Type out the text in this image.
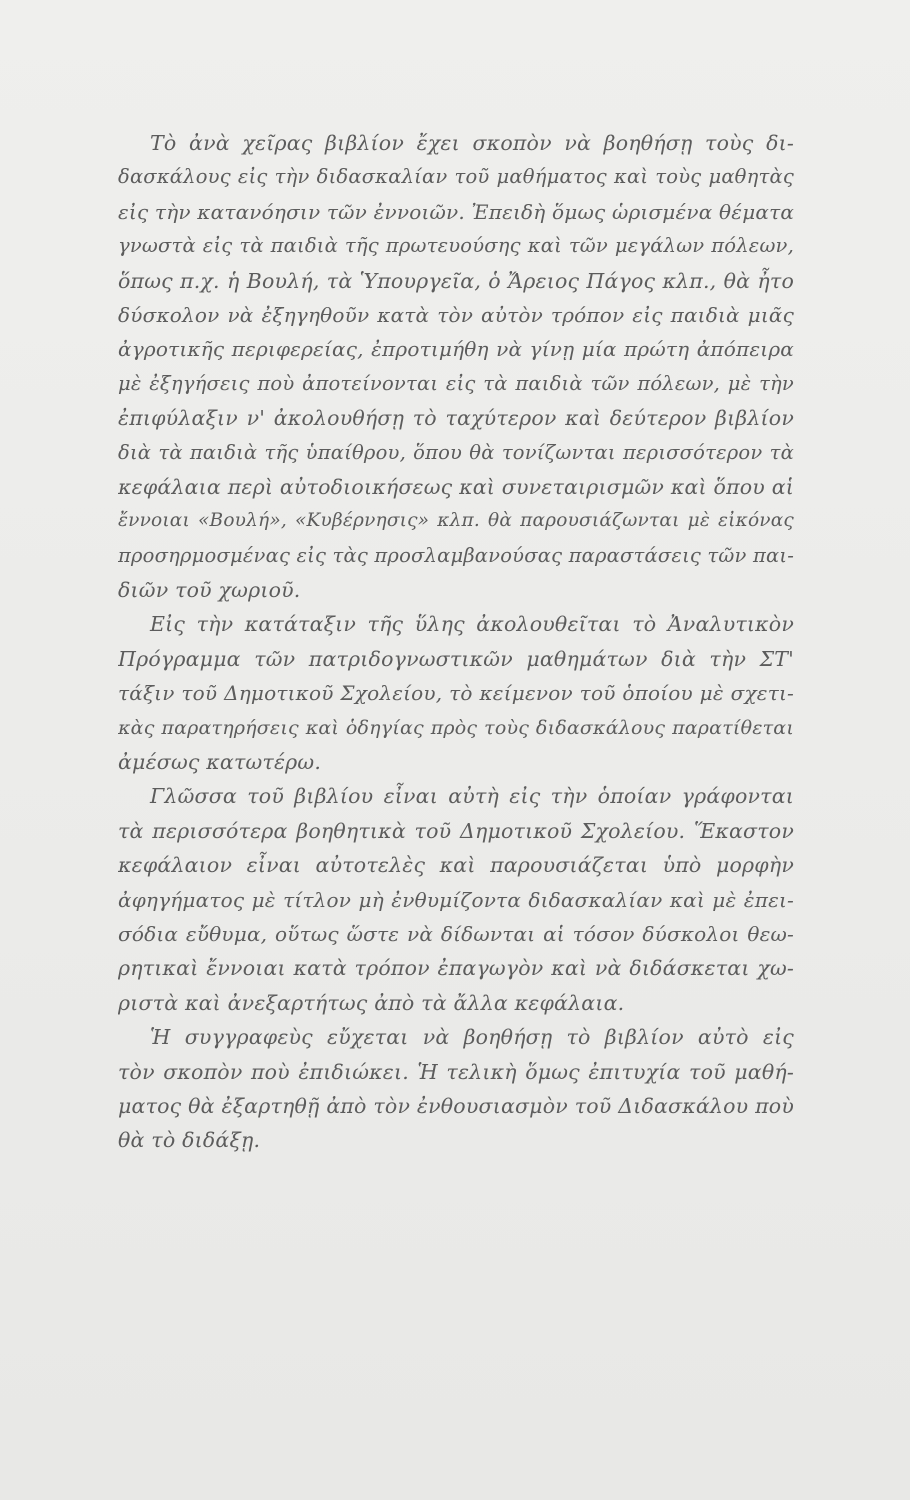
Τὸ ἀνὰ χεῖρας βιβλίον ἔχει σκοπὸν νὰ βοηθήσῃ τοὺς δι-
δασκάλους εἰς τὴν διδασκαλίαν τοῦ μαθήματος καὶ τοὺς μαθητὰς
εἰς τὴν κατανόησιν τῶν ἐννοιῶν. Ἐπειδὴ ὅμως ὡρισμένα θέματα
γνωστὰ εἰς τὰ παιδιὰ τῆς πρωτευούσης καὶ τῶν μεγάλων πόλεων,
ὅπως π.χ. ἡ Βουλή, τὰ Ὑπουργεῖα, ὁ Ἄρειος Πάγος κλπ., θὰ ἦτο
δύσκολον νὰ ἐξηγηθοῦν κατὰ τὸν αὐτὸν τρόπον εἰς παιδιὰ μιᾶς
ἀγροτικῆς περιφερείας, ἐπροτιμήθη νὰ γίνῃ μία πρώτη ἀπόπειρα
μὲ ἐξηγήσεις ποὺ ἀποτείνονται εἰς τὰ παιδιὰ τῶν πόλεων, μὲ τὴν
ἐπιφύλαξιν ν' ἀκολουθήσῃ τὸ ταχύτερον καὶ δεύτερον βιβλίον
διὰ τὰ παιδιὰ τῆς ὑπαίθρου, ὅπου θὰ τονίζωνται περισσότερον τὰ
κεφάλαια περὶ αὐτοδιοικήσεως καὶ συνεταιρισμῶν καὶ ὅπου αἱ
ἔννοιαι «Βουλή», «Κυβέρνησις» κλπ. θὰ παρουσιάζωνται μὲ εἰκόνας
προσηρμοσμένας εἰς τὰς προσλαμβανούσας παραστάσεις τῶν παι-
διῶν τοῦ χωριοῦ.
Εἰς τὴν κατάταξιν τῆς ὕλης ἀκολουθεῖται τὸ Ἀναλυτικὸν
Πρόγραμμα τῶν πατριδογνωστικῶν μαθημάτων διὰ τὴν ΣΤ'
τάξιν τοῦ Δημοτικοῦ Σχολείου, τὸ κείμενον τοῦ ὁποίου μὲ σχετι-
κὰς παρατηρήσεις καὶ ὁδηγίας πρὸς τοὺς διδασκάλους παρατίθεται
ἀμέσως κατωτέρω.
Γλῶσσα τοῦ βιβλίου εἶναι αὐτὴ εἰς τὴν ὁποίαν γράφονται
τὰ περισσότερα βοηθητικὰ τοῦ Δημοτικοῦ Σχολείου. Ἕκαστον
κεφάλαιον εἶναι αὐτοτελὲς καὶ παρουσιάζεται ὑπὸ μορφὴν
ἀφηγήματος μὲ τίτλον μὴ ἐνθυμίζοντα διδασκαλίαν καὶ μὲ ἐπει-
σόδια εὔθυμα, οὕτως ὥστε νὰ δίδωνται αἱ τόσον δύσκολοι θεω-
ρητικαὶ ἔννοιαι κατὰ τρόπον ἐπαγωγὸν καὶ νὰ διδάσκεται χω-
ριστὰ καὶ ἀνεξαρτήτως ἀπὸ τὰ ἄλλα κεφάλαια.
Ἡ συγγραφεὺς εὔχεται νὰ βοηθήσῃ τὸ βιβλίον αὐτὸ εἰς
τὸν σκοπὸν ποὺ ἐπιδιώκει. Ἡ τελικὴ ὅμως ἐπιτυχία τοῦ μαθή-
ματος θὰ ἐξαρτηθῇ ἀπὸ τὸν ἐνθουσιασμὸν τοῦ Διδασκάλου ποὺ
θὰ τὸ διδάξῃ.
